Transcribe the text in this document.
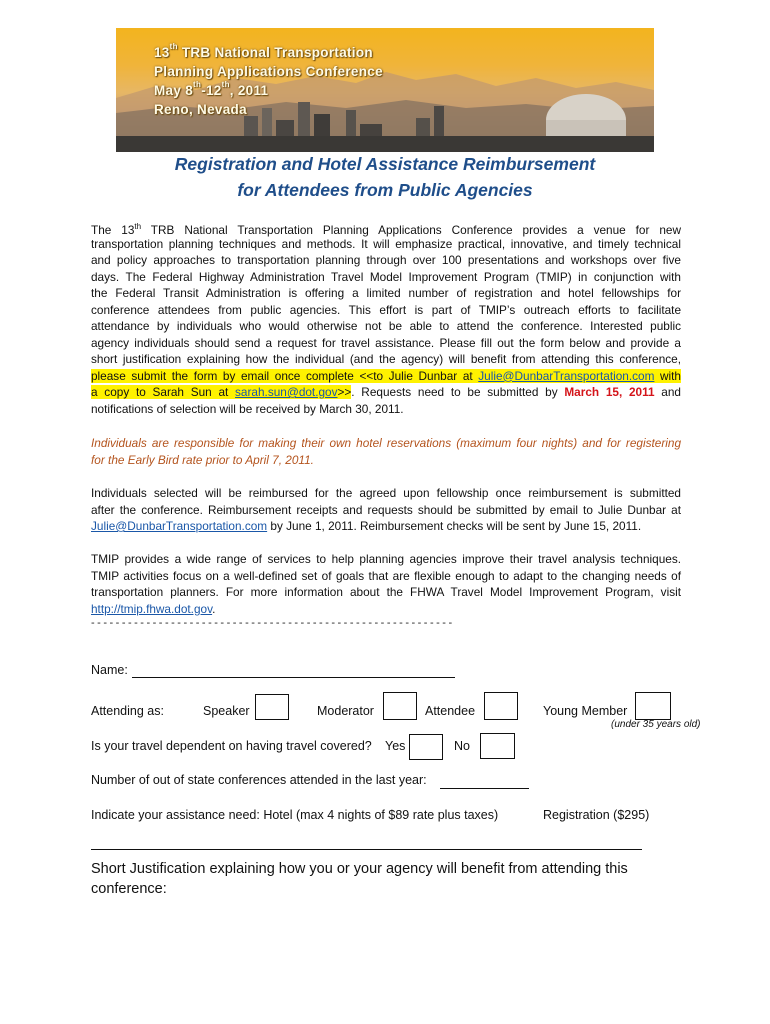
13th TRB National Transportation
Planning Applications Conference
May 8th-12th, 2011
Reno, Nevada
Registration and Hotel Assistance Reimbursement
for Attendees from Public Agencies
The 13th TRB National Transportation Planning Applications Conference provides a venue for new
transportation planning techniques and methods. It will emphasize practical, innovative, and timely technical
and policy approaches to transportation planning through over 100 presentations and workshops over five
days. The Federal Highway Administration Travel Model Improvement Program (TMIP) in conjunction with
the Federal Transit Administration is offering a limited number of registration and hotel fellowships for
conference attendees from public agencies. This effort is part of TMIP’s outreach efforts to facilitate
attendance by individuals who would otherwise not be able to attend the conference. Interested public
agency individuals should send a request for travel assistance. Please fill out the form below and provide a
short justification explaining how the individual (and the agency) will benefit from attending this conference,
please submit the form by email once complete <<to Julie Dunbar at Julie@DunbarTransportation.com with
a copy to Sarah Sun at sarah.sun@dot.gov>>. Requests need to be submitted by March 15, 2011 and
notifications of selection will be received by March 30, 2011.
Individuals are responsible for making their own hotel reservations (maximum four nights) and for registering
for the Early Bird rate prior to April 7, 2011.
Individuals selected will be reimbursed for the agreed upon fellowship once reimbursement is submitted
after the conference. Reimbursement receipts and requests should be submitted by email to Julie Dunbar at
Julie@DunbarTransportation.com by June 1, 2011. Reimbursement checks will be sent by June 15, 2011.
TMIP provides a wide range of services to help planning agencies improve their travel analysis techniques.
TMIP activities focus on a well-defined set of goals that are flexible enough to adapt to the changing needs of
transportation planners. For more information about the FHWA Travel Model Improvement Program, visit
http://tmip.fhwa.dot.gov.
-----------------------------------------------------------
Name:
Attending as:	Speaker	Moderator	Attendee	Young Member
(under 35 years old)
Is your travel dependent on having travel covered? Yes	No
Number of out of state conferences attended in the last year:
Indicate your assistance need: Hotel (max 4 nights of $89 rate plus taxes)	Registration ($295)
Short Justification explaining how you or your agency will benefit from attending this
conference:
